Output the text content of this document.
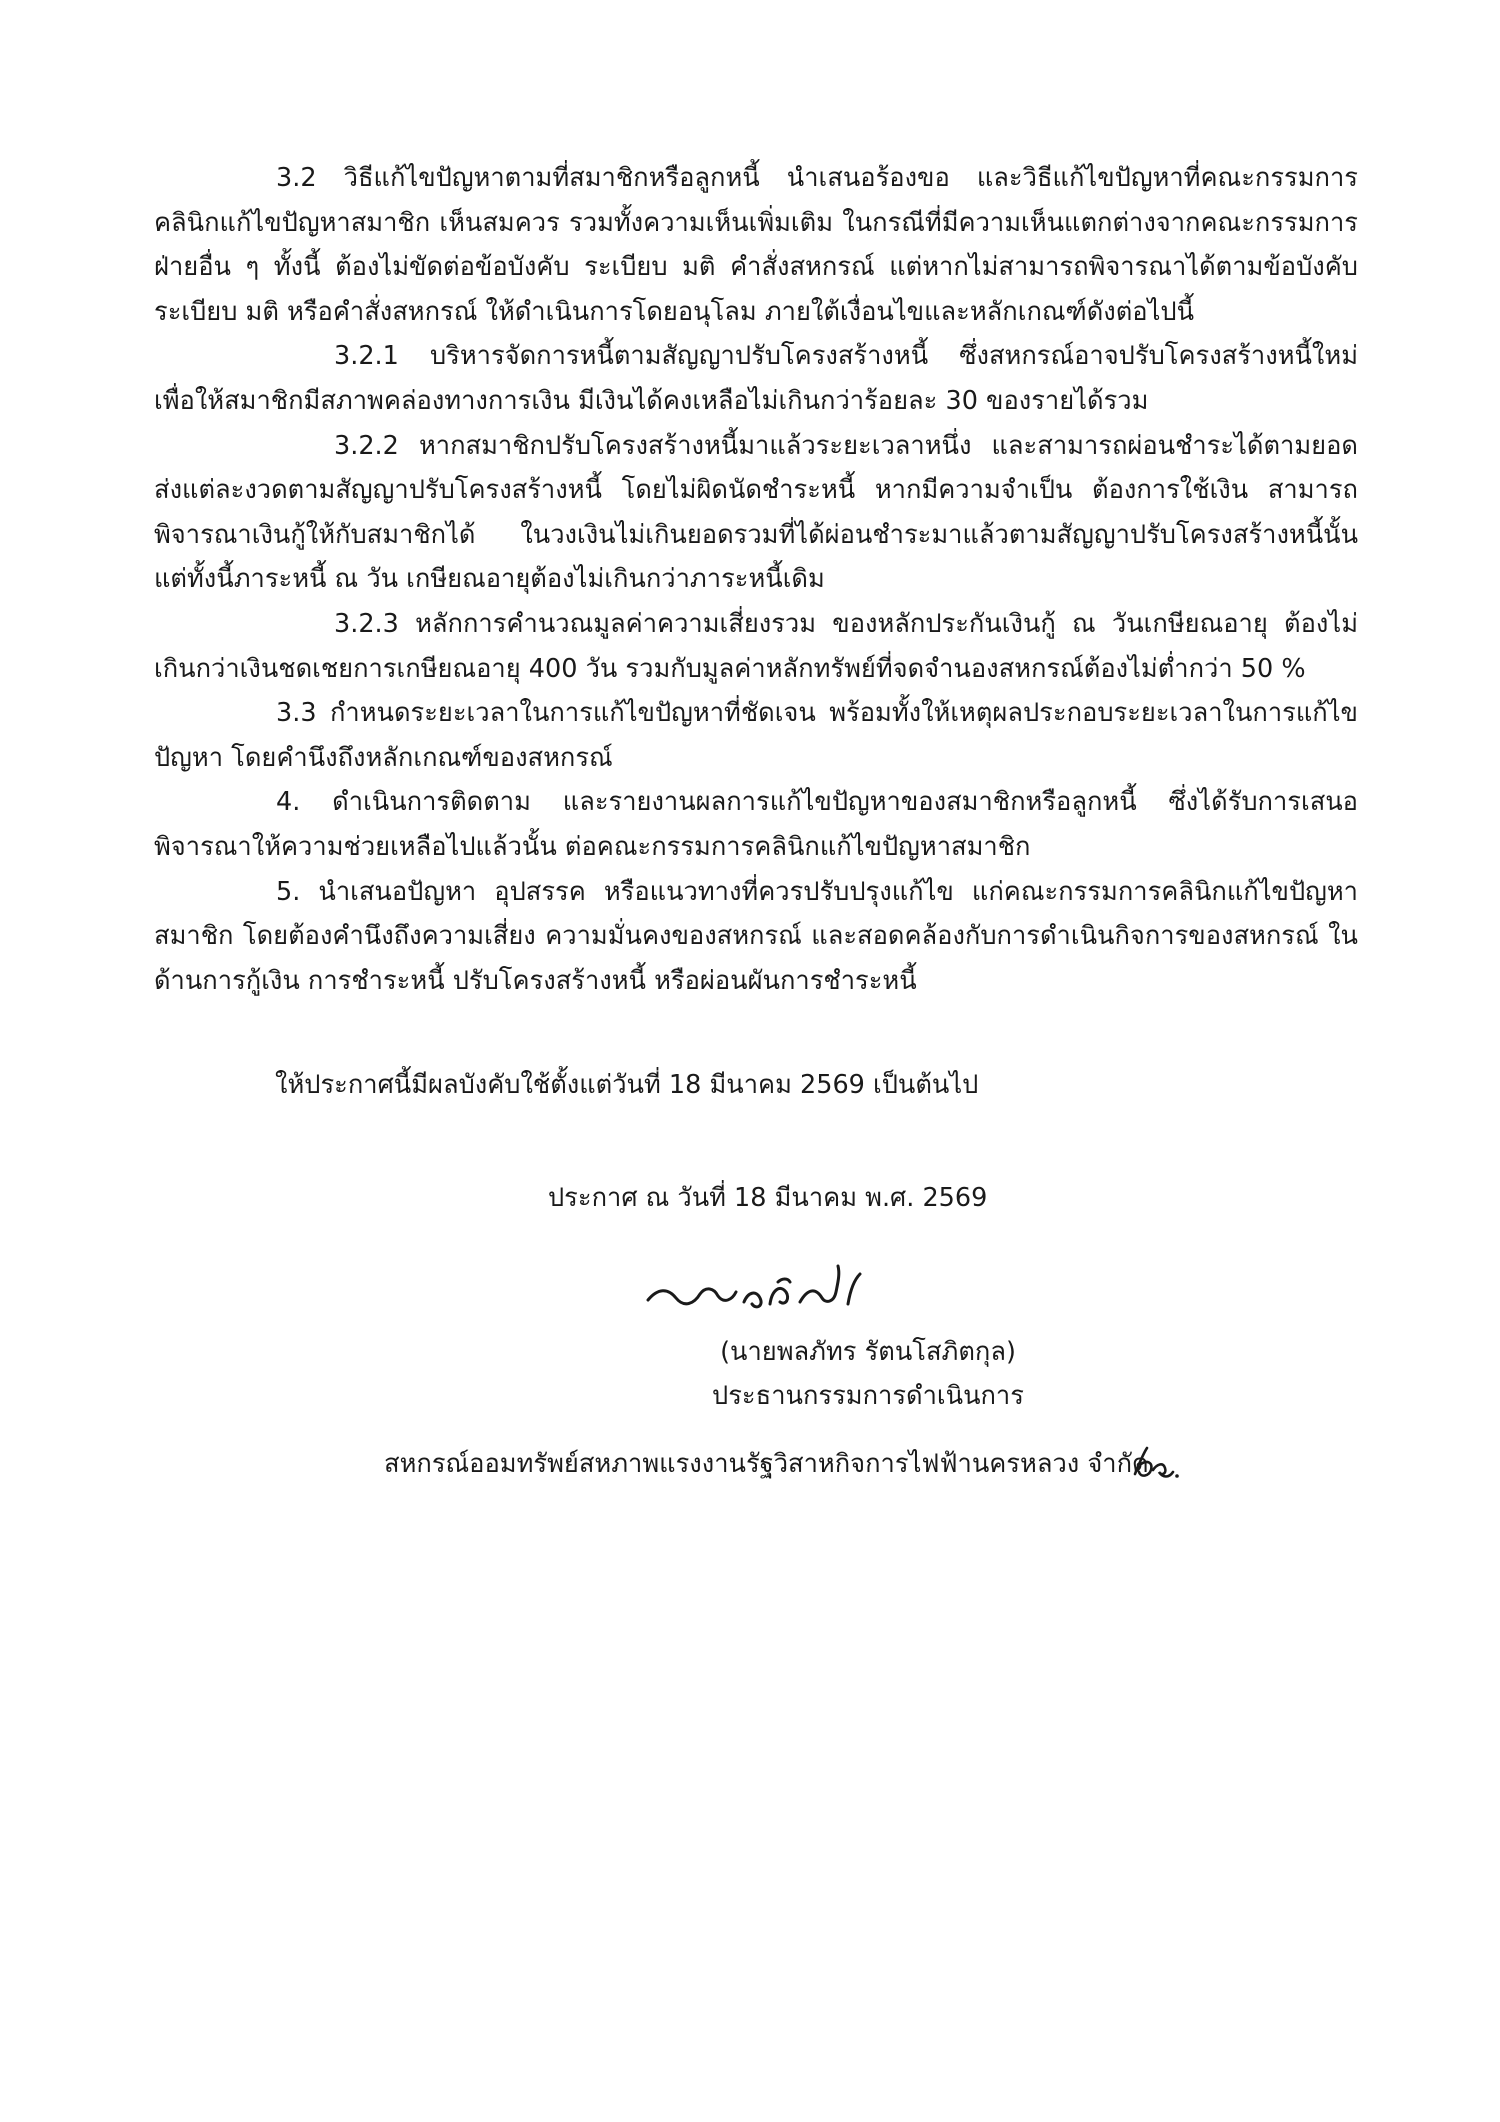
3.2 วิธีแก้ไขปัญหาตามที่สมาชิกหรือลูกหนี้ นำเสนอร้องขอ และวิธีแก้ไขปัญหาที่คณะกรรมการคลินิกแก้ไขปัญหาสมาชิก เห็นสมควร รวมทั้งความเห็นเพิ่มเติม ในกรณีที่มีความเห็นแตกต่างจากคณะกรรมการฝ่ายอื่น ๆ ทั้งนี้ ต้องไม่ขัดต่อข้อบังคับ ระเบียบ มติ คำสั่งสหกรณ์ แต่หากไม่สามารถพิจารณาได้ตามข้อบังคับ ระเบียบ มติ หรือคำสั่งสหกรณ์ ให้ดำเนินการโดยอนุโลม ภายใต้เงื่อนไขและหลักเกณฑ์ดังต่อไปนี้

3.2.1 บริหารจัดการหนี้ตามสัญญาปรับโครงสร้างหนี้ ซึ่งสหกรณ์อาจปรับโครงสร้างหนี้ใหม่ เพื่อให้สมาชิกมีสภาพคล่องทางการเงิน มีเงินได้คงเหลือไม่เกินกว่าร้อยละ 30 ของรายได้รวม

3.2.2 หากสมาชิกปรับโครงสร้างหนี้มาแล้วระยะเวลาหนึ่ง และสามารถผ่อนชำระได้ตามยอดส่งแต่ละงวดตามสัญญาปรับโครงสร้างหนี้ โดยไม่ผิดนัดชำระหนี้ หากมีความจำเป็น ต้องการใช้เงิน สามารถพิจารณาเงินกู้ให้กับสมาชิกได้ ในวงเงินไม่เกินยอดรวมที่ได้ผ่อนชำระมาแล้วตามสัญญาปรับโครงสร้างหนี้นั้น แต่ทั้งนี้ภาระหนี้ ณ วัน เกษียณอายุต้องไม่เกินกว่าภาระหนี้เดิม

3.2.3 หลักการคำนวณมูลค่าความเสี่ยงรวม ของหลักประกันเงินกู้ ณ วันเกษียณอายุ ต้องไม่เกินกว่าเงินชดเชยการเกษียณอายุ 400 วัน รวมกับมูลค่าหลักทรัพย์ที่จดจำนองสหกรณ์ต้องไม่ต่ำกว่า 50 %

3.3 กำหนดระยะเวลาในการแก้ไขปัญหาที่ชัดเจน พร้อมทั้งให้เหตุผลประกอบระยะเวลาในการแก้ไขปัญหา โดยคำนึงถึงหลักเกณฑ์ของสหกรณ์

4. ดำเนินการติดตาม และรายงานผลการแก้ไขปัญหาของสมาชิกหรือลูกหนี้ ซึ่งได้รับการเสนอพิจารณาให้ความช่วยเหลือไปแล้วนั้น ต่อคณะกรรมการคลินิกแก้ไขปัญหาสมาชิก

5. นำเสนอปัญหา อุปสรรค หรือแนวทางที่ควรปรับปรุงแก้ไข แก่คณะกรรมการคลินิกแก้ไขปัญหาสมาชิก โดยต้องคำนึงถึงความเสี่ยง ความมั่นคงของสหกรณ์ และสอดคล้องกับการดำเนินกิจการของสหกรณ์ ในด้านการกู้เงิน การชำระหนี้ ปรับโครงสร้างหนี้ หรือผ่อนผันการชำระหนี้

ให้ประกาศนี้มีผลบังคับใช้ตั้งแต่วันที่ 18 มีนาคม 2569 เป็นต้นไป
ประกาศ ณ วันที่ 18 มีนาคม พ.ศ. 2569
(นายพลภัทร รัตนโสภิตกุล)
ประธานกรรมการดำเนินการ
สหกรณ์ออมทรัพย์สหภาพแรงงานรัฐวิสาหกิจการไฟฟ้านครหลวง จำกัด
